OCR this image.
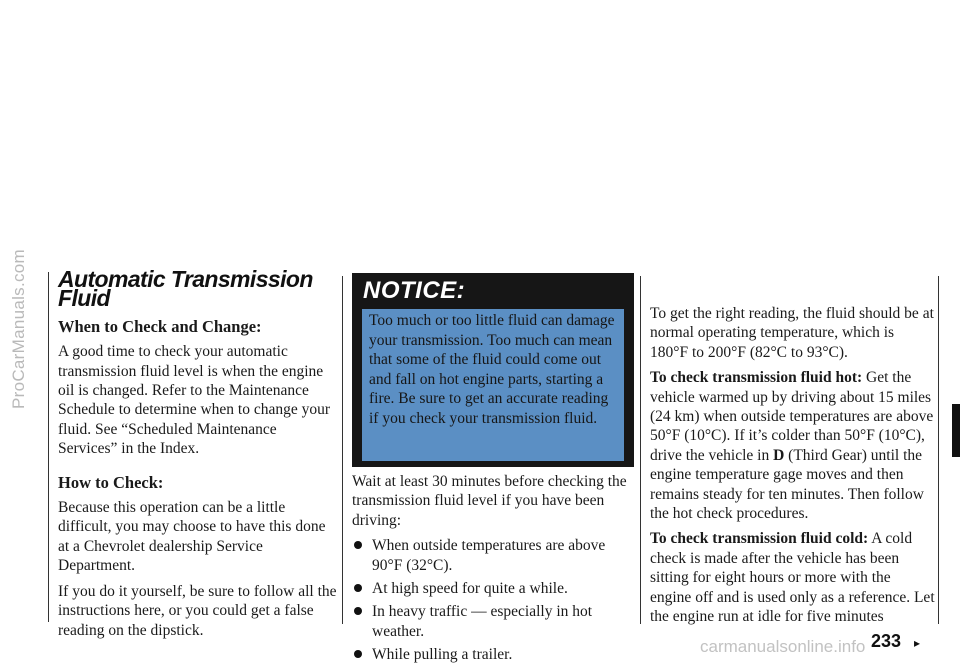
ProCarManuals.com Automatic Transmission Fluid
When to Check and Change:

A good time to check your automatic transmission fluid level is when the engine oil is changed. Refer to the Maintenance Schedule to determine when to change your fluid. See “Scheduled Maintenance Services” in the Index.

How to Check:

Because this operation can be a little difficult, you may choose to have this done at a Chevrolet dealership Service Department.

If you do it yourself, be sure to follow all the instructions here, or you could get a false reading on the dipstick.

NOTICE:
Too much or too little fluid can damage your transmission. Too much can mean that some of the fluid could come out and fall on hot engine parts, starting a fire. Be sure to get an accurate reading if you check your transmission fluid.

Wait at least 30 minutes before checking the transmission fluid level if you have been driving:

When outside temperatures are above 90°F (32°C).
At high speed for quite a while.
In heavy traffic — especially in hot weather.
While pulling a trailer.

To get the right reading, the fluid should be at normal operating temperature, which is 180°F to 200°F (82°C to 93°C).

To check transmission fluid hot: Get the vehicle warmed up by driving about 15 miles (24 km) when outside temperatures are above 50°F (10°C). If it’s colder than 50°F (10°C), drive the vehicle in D (Third Gear) until the engine temperature gage moves and then remains steady for ten minutes. Then follow the hot check procedures.

To check transmission fluid cold: A cold check is made after the vehicle has been sitting for eight hours or more with the engine off and is used only as a reference. Let the engine run at idle for five minutes

carmanualsonline.info 233 ▸
